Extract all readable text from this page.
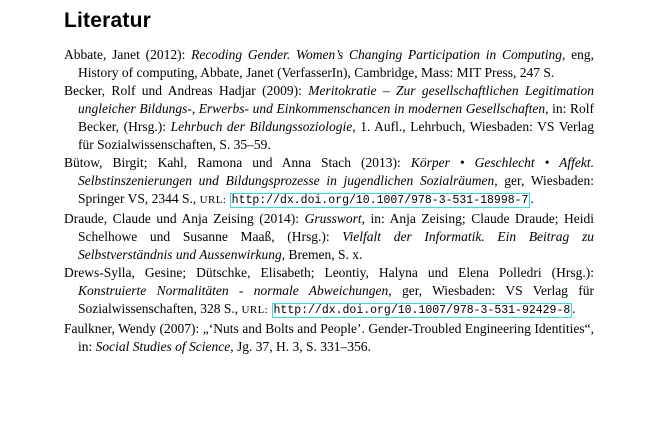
Literatur

Abbate, Janet (2012): Recoding Gender. Women’s Changing Participation in Computing, eng, History of computing, Abbate, Janet (VerfasserIn), Cambridge, Mass: MIT Press, 247 S.

Becker, Rolf und Andreas Hadjar (2009): Meritokratie – Zur gesellschaftlichen Legitimation ungleicher Bildungs-, Erwerbs- und Einkommenschancen in modernen Gesellschaften, in: Rolf Becker, (Hrsg.): Lehrbuch der Bildungssoziologie, 1. Aufl., Lehrbuch, Wiesbaden: VS Verlag für Sozialwissenschaften, S. 35–59.

Bütow, Birgit; Kahl, Ramona und Anna Stach (2013): Körper • Geschlecht • Affekt. Selbstinszenierungen und Bildungsprozesse in jugendlichen Sozialräumen, ger, Wiesbaden: Springer VS, 2344 S., URL: http://dx.doi.org/10.1007/978-3-531-18998-7 .

Draude, Claude und Anja Zeising (2014): Grusswort, in: Anja Zeising; Claude Draude; Heidi Schelhowe und Susanne Maaß, (Hrsg.): Vielfalt der Informatik. Ein Beitrag zu Selbstverständnis und Aussenwirkung, Bremen, S. x.

Drews-Sylla, Gesine; Dütschke, Elisabeth; Leontiy, Halyna und Elena Polledri (Hrsg.): Konstruierte Normalitäten - normale Abweichungen, ger, Wiesbaden: VS Verlag für Sozialwissenschaften, 328 S., URL: http://dx.doi.org/10.1007/978-3-531-92429-8 .

Faulkner, Wendy (2007): „‘Nuts and Bolts and People’. Gender-Troubled Engineering Identities“, in: Social Studies of Science, Jg. 37, H. 3, S. 331–356.
